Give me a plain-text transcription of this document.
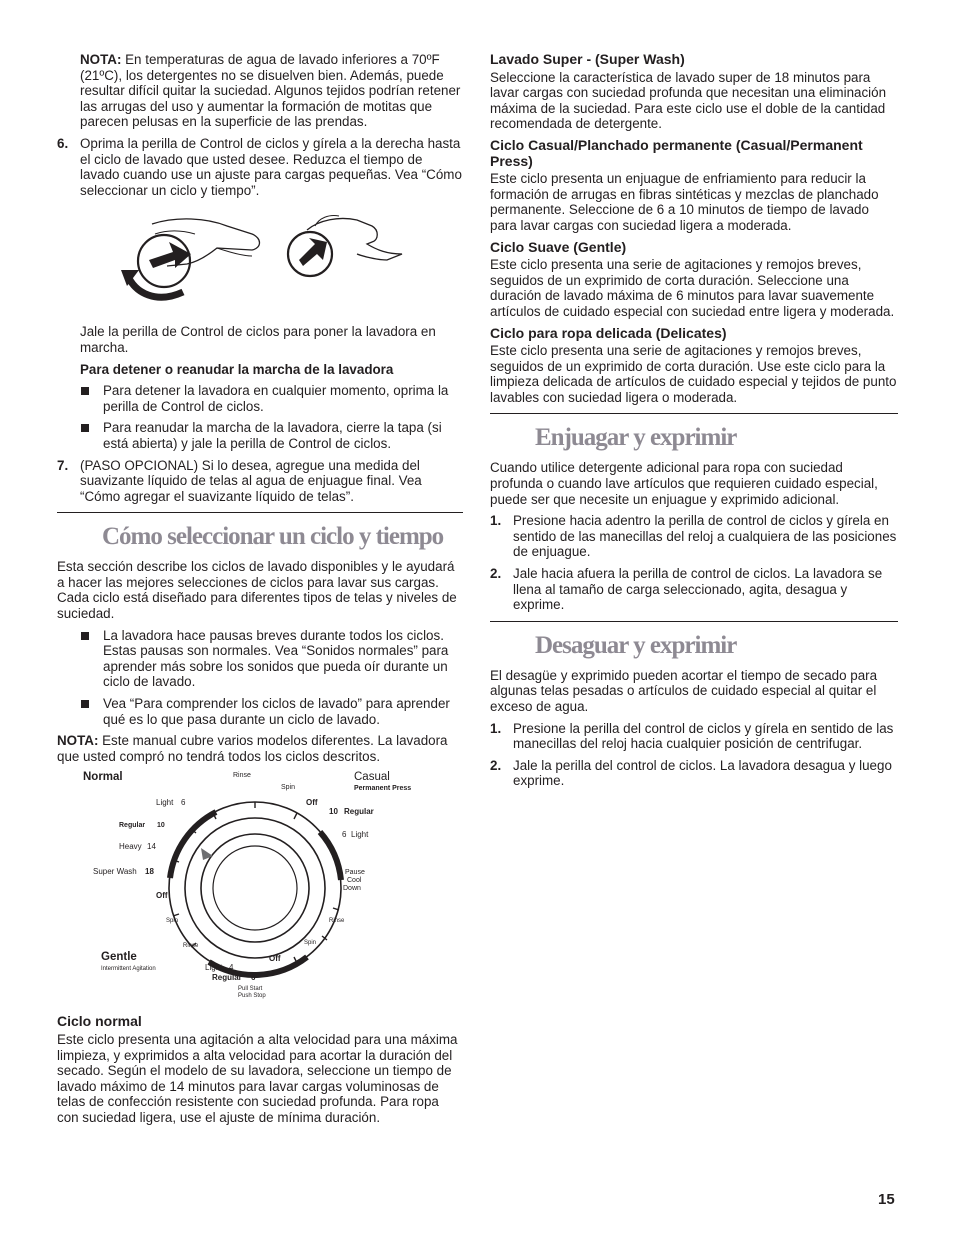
NOTA: En temperaturas de agua de lavado inferiores a 70ºF (21ºC), los detergentes no se disuelven bien. Además, puede resultar difícil quitar la suciedad. Algunos tejidos podrían retener las arrugas del uso y aumentar la formación de motitas que parecen pelusas en la superficie de las prendas.

6. Oprima la perilla de Control de ciclos y gírela a la derecha hasta el ciclo de lavado que usted desee. Reduzca el tiempo de lavado cuando use un ajuste para cargas pequeñas. Vea “Cómo seleccionar un ciclo y tiempo”.

Jale la perilla de Control de ciclos para poner la lavadora en marcha.

Para detener o reanudar la marcha de la lavadora

Para detener la lavadora en cualquier momento, oprima la perilla de Control de ciclos.
Para reanudar la marcha de la lavadora, cierre la tapa (si está abierta) y jale la perilla de Control de ciclos.
7. (PASO OPCIONAL) Si lo desea, agregue una medida del suavizante líquido de telas al agua de enjuague final. Vea “Cómo agregar el suavizante líquido de telas”.
Cómo seleccionar un ciclo y tiempo

Esta sección describe los ciclos de lavado disponibles y le ayudará a hacer las mejores selecciones de ciclos para lavar sus cargas. Cada ciclo está diseñado para diferentes tipos de telas y niveles de suciedad.

La lavadora hace pausas breves durante todos los ciclos. Estas pausas son normales. Vea “Sonidos normales” para aprender más sobre los sonidos que pueda oír durante un ciclo de lavado.
Vea “Para comprender los ciclos de lavado” para aprender qué es lo que pasa durante un ciclo de lavado.

NOTA: Este manual cubre varios modelos diferentes. La lavadora que usted compró no tendrá todos los ciclos descritos.

Normal	Rinse
Spin
Off
Casual
Permanent Press
Light 6
10 Regular
Regular 10
6 Light
Heavy 14
Super Wash 18	Pause
Cool
Down
Off
Spin	Rinse
Rinse	Spin
Gentle
Intermittent Agitation
Off
Light 4
Regular 6
Pull Start
Push Stop
Ciclo normal

Este ciclo presenta una agitación a alta velocidad para una máxima limpieza, y exprimidos a alta velocidad para acortar la duración del secado. Según el modelo de su lavadora, seleccione un tiempo de lavado máximo de 14 minutos para lavar cargas voluminosas de telas de confección resistente con suciedad profunda. Para ropa con suciedad ligera, use el ajuste de mínima duración.

Lavado Super - (Super Wash)

Seleccione la característica de lavado super de 18 minutos para lavar cargas con suciedad profunda que necesitan una eliminación máxima de la suciedad. Para este ciclo use el doble de la cantidad recomendada de detergente.

Ciclo Casual/Planchado permanente (Casual/Permanent Press)

Este ciclo presenta un enjuague de enfriamiento para reducir la formación de arrugas en fibras sintéticas y mezclas de planchado permanente. Seleccione de 6 a 10 minutos de tiempo de lavado para lavar cargas con suciedad ligera a moderada.

Ciclo Suave (Gentle)

Este ciclo presenta una serie de agitaciones y remojos breves, seguidos de un exprimido de corta duración. Seleccione una duración de lavado máxima de 6 minutos para lavar suavemente artículos de cuidado especial con suciedad entre ligera y moderada.

Ciclo para ropa delicada (Delicates)

Este ciclo presenta una serie de agitaciones y remojos breves, seguidos de un exprimido de corta duración. Use este ciclo para la limpieza delicada de artículos de cuidado especial y tejidos de punto lavables con suciedad ligera o moderada.

Enjuagar y exprimir

Cuando utilice detergente adicional para ropa con suciedad profunda o cuando lave artículos que requieren cuidado especial, puede ser que necesite un enjuague y exprimido adicional.

1. Presione hacia adentro la perilla de control de ciclos y gírela en sentido de las manecillas del reloj a cualquiera de las posiciones de enjuague.
2. Jale hacia afuera la perilla de control de ciclos. La lavadora se llena al tamaño de carga seleccionado, agita, desagua y exprime.
Desaguar y exprimir

El desagüe y exprimido pueden acortar el tiempo de secado para algunas telas pesadas o artículos de cuidado especial al quitar el exceso de agua.

1. Presione la perilla del control de ciclos y gírela en sentido de las manecillas del reloj hacia cualquier posición de centrifugar.
2. Jale la perilla del control de ciclos. La lavadora desagua y luego exprime.
15
